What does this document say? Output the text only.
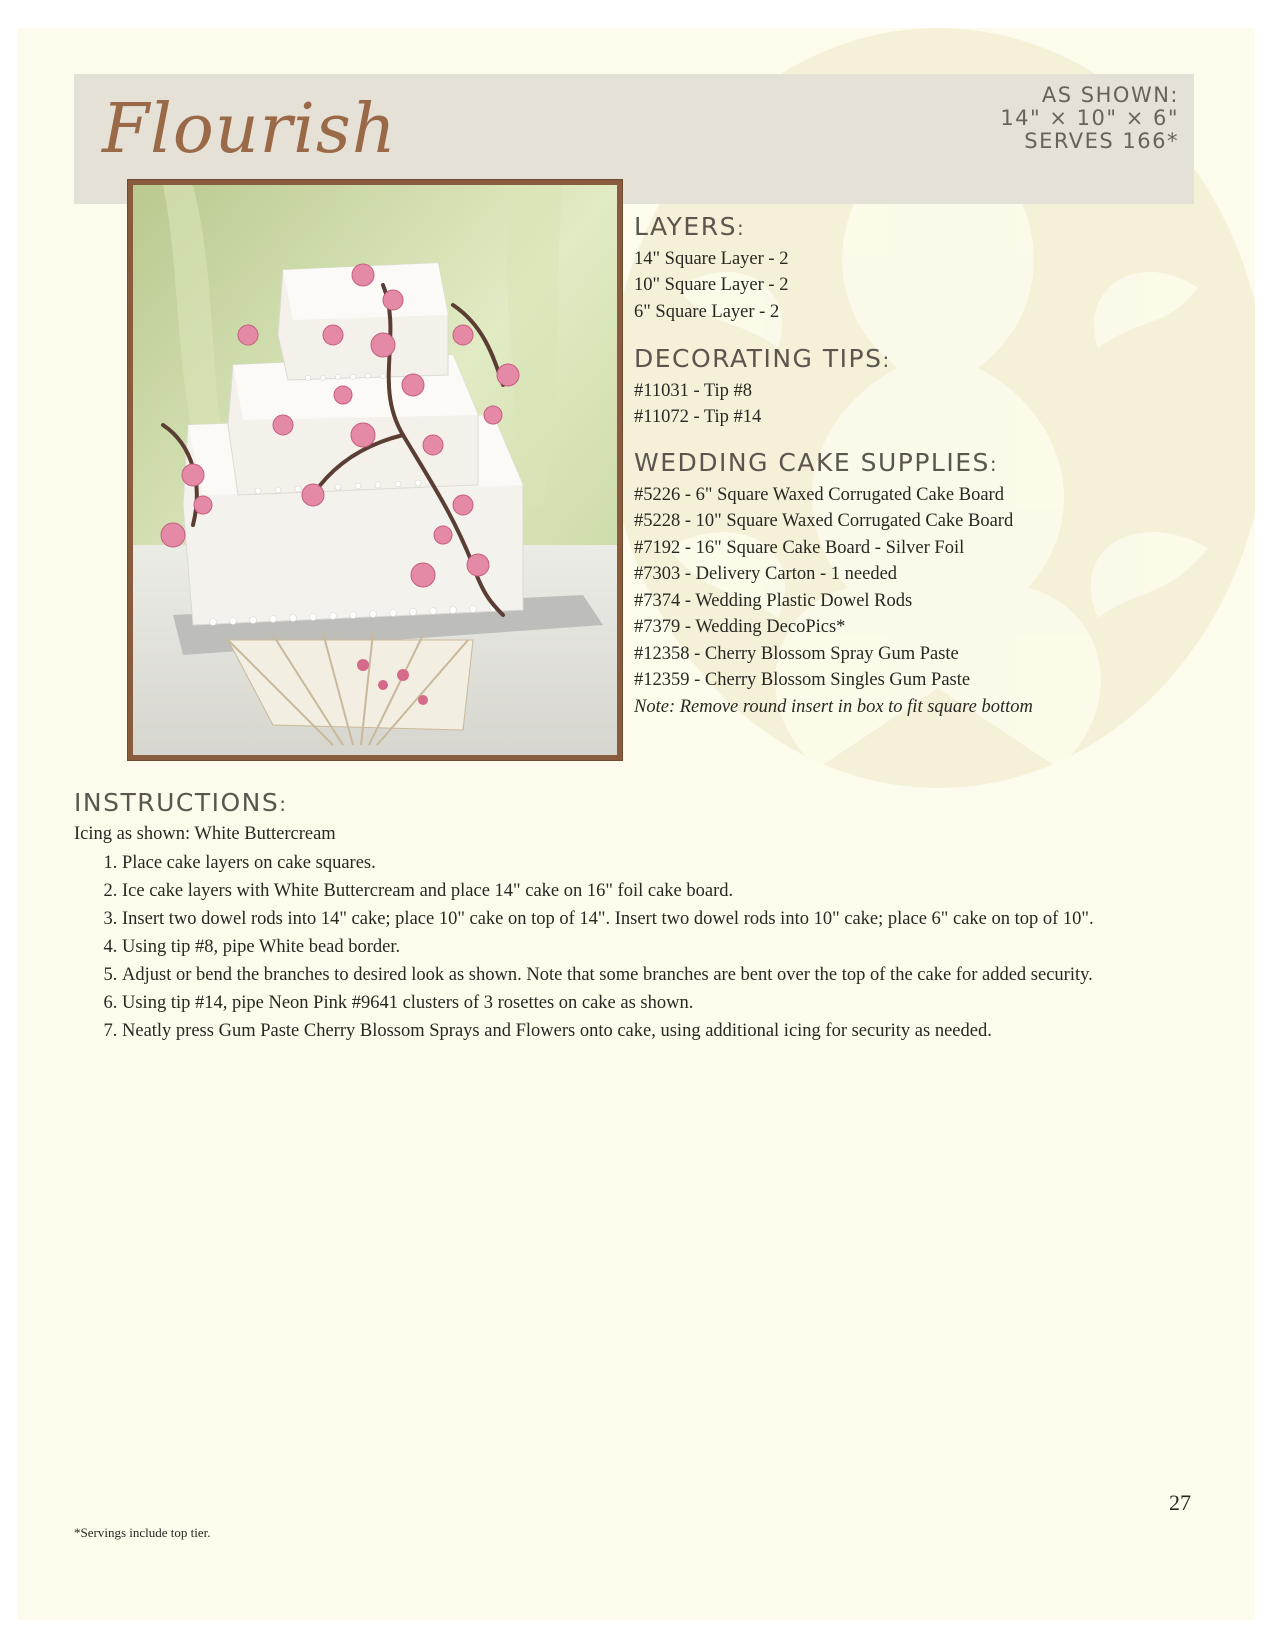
Flourish	AS SHOWN:
14" × 10" × 6"
SERVES 166*
LAYERS:
14" Square Layer - 2
10" Square Layer - 2
6" Square Layer - 2
DECORATING TIPS:
#11031 - Tip #8
#11072 - Tip #14
WEDDING CAKE SUPPLIES:
#5226 - 6" Square Waxed Corrugated Cake Board
#5228 - 10" Square Waxed Corrugated Cake Board
#7192 - 16" Square Cake Board - Silver Foil
#7303 - Delivery Carton - 1 needed
#7374 - Wedding Plastic Dowel Rods
#7379 - Wedding DecoPics*
#12358 - Cherry Blossom Spray Gum Paste
#12359 - Cherry Blossom Singles Gum Paste
Note: Remove round insert in box to fit square bottom
INSTRUCTIONS:
Icing as shown: White Buttercream
1. Place cake layers on cake squares.
2. Ice cake layers with White Buttercream and place 14" cake on 16" foil cake board.
3. Insert two dowel rods into 14" cake; place 10" cake on top of 14". Insert two dowel rods into 10" cake; place 6" cake on top of 10".
4. Using tip #8, pipe White bead border.
5. Adjust or bend the branches to desired look as shown. Note that some branches are bent over the top of the cake for added security.
6. Using tip #14, pipe Neon Pink #9641 clusters of 3 rosettes on cake as shown.
7. Neatly press Gum Paste Cherry Blossom Sprays and Flowers onto cake, using additional icing for security as needed.
27
*Servings include top tier.
